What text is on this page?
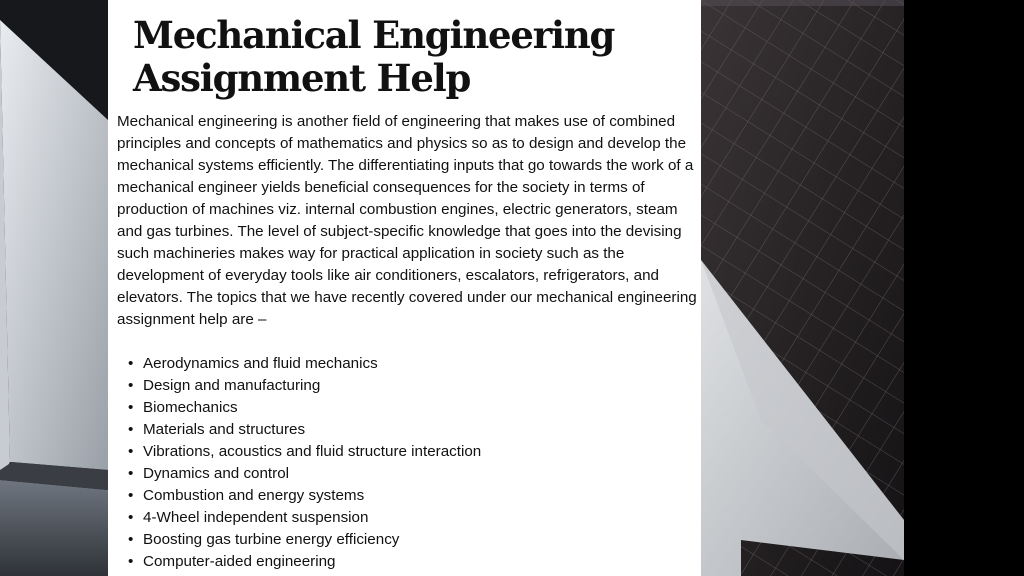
Mechanical Engineering Assignment Help

Mechanical engineering is another field of engineering that makes use of combined principles and concepts of mathematics and physics so as to design and develop the mechanical systems efficiently. The differentiating inputs that go towards the work of a mechanical engineer yields beneficial consequences for the society in terms of production of machines viz. internal combustion engines, electric generators, steam and gas turbines. The level of subject-specific knowledge that goes into the devising such machineries makes way for practical application in society such as the development of everyday tools like air conditioners, escalators, refrigerators, and elevators. The topics that we have recently covered under our mechanical engineering assignment help are –

• Aerodynamics and fluid mechanics
• Design and manufacturing
• Biomechanics
• Materials and structures
• Vibrations, acoustics and fluid structure interaction
• Dynamics and control
• Combustion and energy systems
• 4-Wheel independent suspension
• Boosting gas turbine energy efficiency
• Computer-aided engineering
